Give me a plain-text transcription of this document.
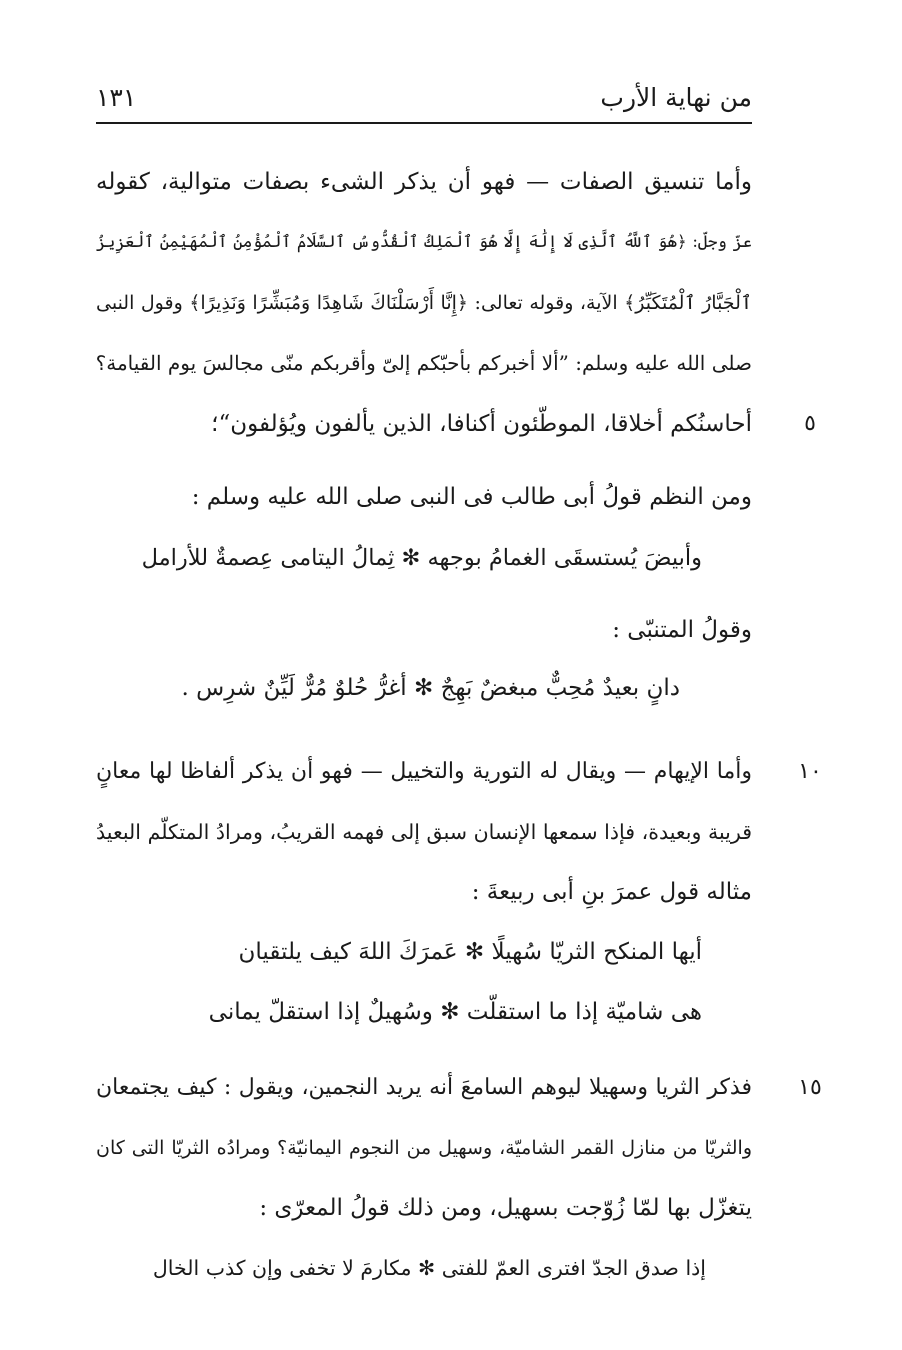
من نهاية الأرب
١٣١
وأما تنسيق الصفات — فهو أن يذكر الشىء بصفات متوالية، كقوله
عزّ وجلّ: ﴿هُوَ ٱللَّهُ ٱلَّذِى لَا إِلَٰهَ إِلَّا هُوَ ٱلْمَلِكُ ٱلْقُدُّوسُ ٱلسَّلَامُ ٱلْمُؤْمِنُ ٱلْمُهَيْمِنُ ٱلْعَزِيزُ
ٱلْجَبَّارُ ٱلْمُتَكَبِّرُ﴾ الآية، وقوله تعالى: ﴿إِنَّا أَرْسَلْنَاكَ شَاهِدًا وَمُبَشِّرًا وَنَذِيرًا﴾ وقول النبى
صلى الله عليه وسلم: ”ألا أخبركم بأحبّكم إلىّ وأقربكم منّى مجالسَ يوم القيامة؟
أحاسنُكم أخلاقا، الموطّئون أكنافا، الذين يألفون ويُؤلفون“؛	٥
ومن النظم قولُ أبى طالب فى النبى صلى الله عليه وسلم :
وأبيضَ يُستسقَى الغمامُ بوجهه ✻ ثِمالُ اليتامى عِصمةٌ للأرامل
وقولُ المتنبّى :
دانٍ بعيدٌ مُحِبٌّ مبغضٌ بَهِجٌ ✻ أغرُّ حُلوٌ مُرٌّ لَيِّنٌ شرِس .
وأما الإيهام — ويقال له التورية والتخييل — فهو أن يذكر ألفاظا لها معانٍ	١٠
قريبة وبعيدة، فإذا سمعها الإنسان سبق إلى فهمه القريبُ، ومرادُ المتكلّم البعيدُ
مثاله قول عمرَ بنِ أبى ربيعةَ :
أيها المنكح الثريّا سُهيلًا ✻ عَمرَكَ اللهَ كيف يلتقيان
هى شاميّة إذا ما استقلّت ✻ وسُهيلٌ إذا استقلّ يمانى
فذكر الثريا وسهيلا ليوهم السامعَ أنه يريد النجمين، ويقول : كيف يجتمعان	١٥
والثريّا من منازل القمر الشاميّة، وسهيل من النجوم اليمانيّة؟ ومرادُه الثريّا التى كان
يتغزّل بها لمّا زُوّجت بسهيل، ومن ذلك قولُ المعرّى :
إذا صدق الجدّ افترى العمّ للفتى ✻ مكارمَ لا تخفى وإن كذب الخال
